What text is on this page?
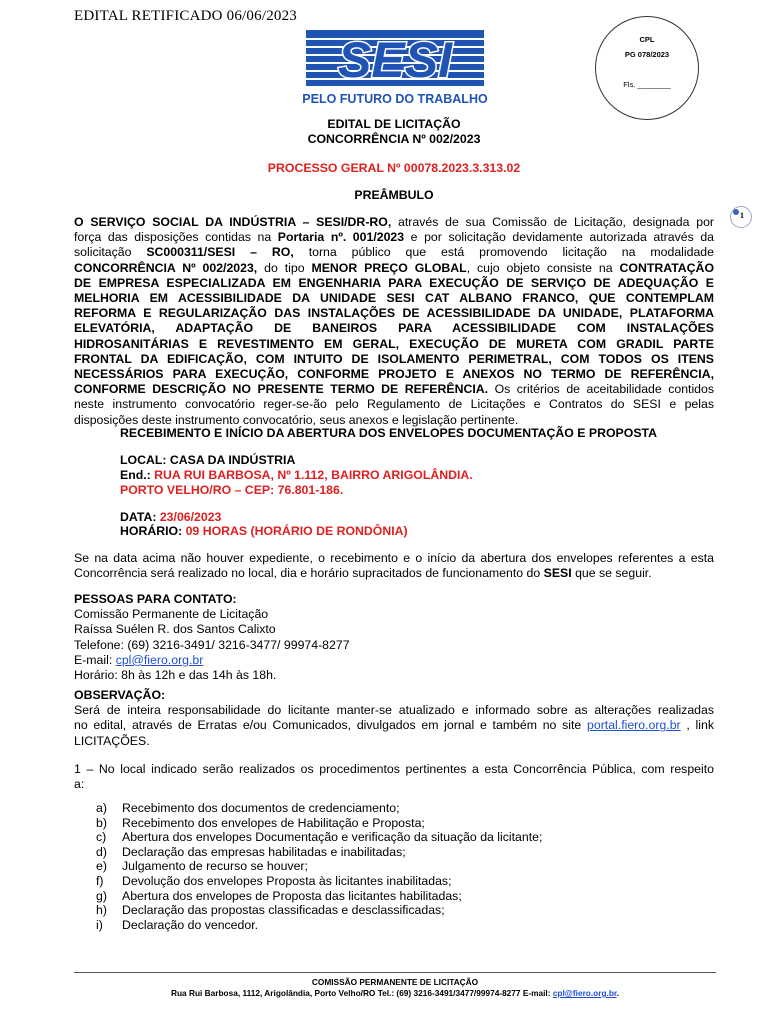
EDITAL RETIFICADO 06/06/2023
SESI
PELO FUTURO DO TRABALHO
CPL
PG 078/2023
Fls. ________
1
EDITAL DE LICITAÇÃO
CONCORRÊNCIA Nº 002/2023
PROCESSO GERAL Nº 00078.2023.3.313.02
PREÂMBULO
O SERVIÇO SOCIAL DA INDÚSTRIA – SESI/DR-RO, através de sua Comissão de Licitação, designada por
força das disposições contidas na Portaria nº. 001/2023 e por solicitação devidamente autorizada através da
solicitação SC000311/SESI – RO, torna público que está promovendo licitação na modalidade
CONCORRÊNCIA Nº 002/2023, do tipo MENOR PREÇO GLOBAL, cujo objeto consiste na CONTRATAÇÃO
DE EMPRESA ESPECIALIZADA EM ENGENHARIA PARA EXECUÇÃO DE SERVIÇO DE ADEQUAÇÃO E
MELHORIA EM ACESSIBILIDADE DA UNIDADE SESI CAT ALBANO FRANCO, QUE CONTEMPLAM
REFORMA E REGULARIZAÇÃO DAS INSTALAÇÕES DE ACESSIBILIDADE DA UNIDADE, PLATAFORMA
ELEVATÓRIA, ADAPTAÇÃO DE BANEIROS PARA ACESSIBILIDADE COM INSTALAÇÕES
HIDROSANITÁRIAS E REVESTIMENTO EM GERAL, EXECUÇÃO DE MURETA COM GRADIL PARTE
FRONTAL DA EDIFICAÇÃO, COM INTUITO DE ISOLAMENTO PERIMETRAL, COM TODOS OS ITENS
NECESSÁRIOS PARA EXECUÇÃO, CONFORME PROJETO E ANEXOS NO TERMO DE REFERÊNCIA,
CONFORME DESCRIÇÃO NO PRESENTE TERMO DE REFERÊNCIA. Os critérios de aceitabilidade contidos
neste instrumento convocatório reger-se-ão pelo Regulamento de Licitações e Contratos do SESI e pelas
disposições deste instrumento convocatório, seus anexos e legislação pertinente.
RECEBIMENTO E INÍCIO DA ABERTURA DOS ENVELOPES DOCUMENTAÇÃO E PROPOSTA
LOCAL: CASA DA INDÚSTRIA
End.: RUA RUI BARBOSA, Nº 1.112, BAIRRO ARIGOLÂNDIA.
PORTO VELHO/RO – CEP: 76.801-186.
DATA: 23/06/2023
HORÁRIO: 09 HORAS (HORÁRIO DE RONDÔNIA)
Se na data acima não houver expediente, o recebimento e o início da abertura dos envelopes referentes a esta
Concorrência será realizado no local, dia e horário supracitados de funcionamento do SESI que se seguir.
PESSOAS PARA CONTATO:
Comissão Permanente de Licitação
Raíssa Suélen R. dos Santos Calixto
Telefone: (69) 3216-3491/ 3216-3477/ 99974-8277
E-mail: cpl@fiero.org.br
Horário: 8h às 12h e das 14h às 18h.
OBSERVAÇÃO:
Será de inteira responsabilidade do licitante manter-se atualizado e informado sobre as alterações realizadas
no edital, através de Erratas e/ou Comunicados, divulgados em jornal e também no site portal.fiero.org.br , link
LICITAÇÕES.
1 – No local indicado serão realizados os procedimentos pertinentes a esta Concorrência Pública, com respeito
a:
a) Recebimento dos documentos de credenciamento;
b) Recebimento dos envelopes de Habilitação e Proposta;
c) Abertura dos envelopes Documentação e verificação da situação da licitante;
d) Declaração das empresas habilitadas e inabilitadas;
e) Julgamento de recurso se houver;
f) Devolução dos envelopes Proposta às licitantes inabilitadas;
g) Abertura dos envelopes de Proposta das licitantes habilitadas;
h) Declaração das propostas classificadas e desclassificadas;
i) Declaração do vencedor.
COMISSÃO PERMANENTE DE LICITAÇÃO
Rua Rui Barbosa, 1112, Arigolândia, Porto Velho/RO Tel.: (69) 3216-3491/3477/99974-8277 E-mail: cpl@fiero.org.br.
